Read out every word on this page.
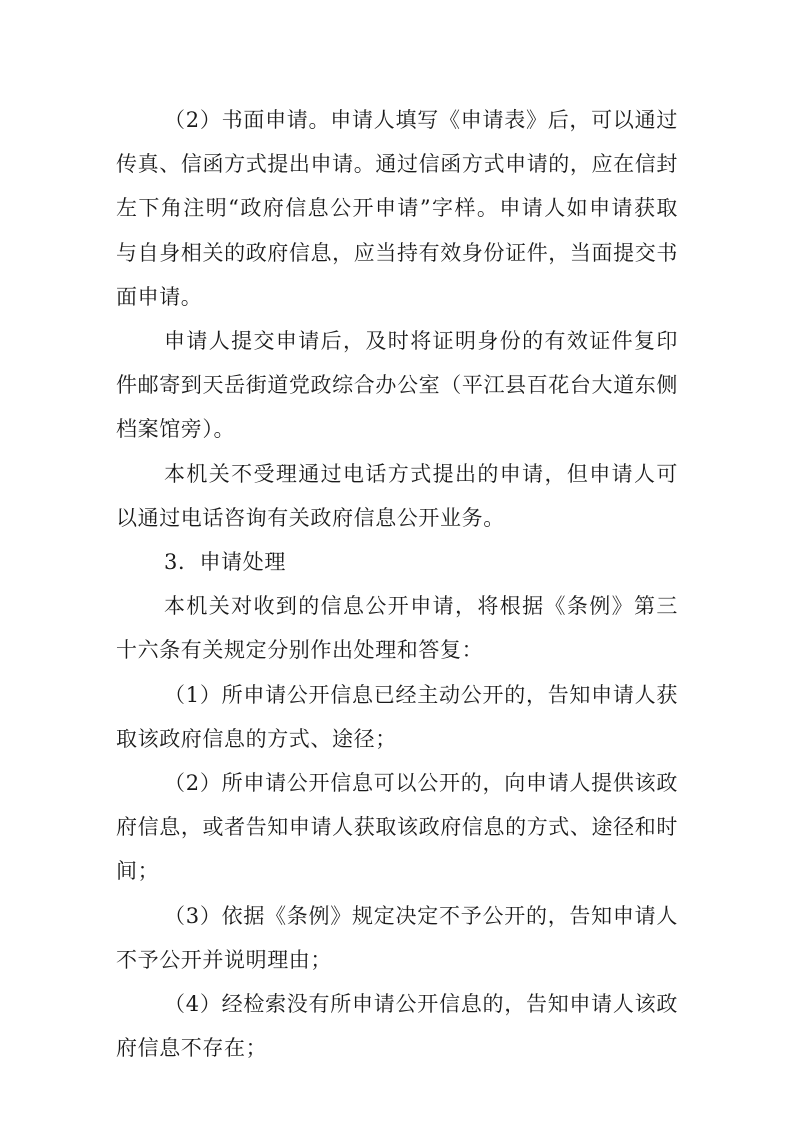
（2）书面申请。申请人填写《申请表》后，可以通过传真、信函方式提出申请。通过信函方式申请的，应在信封左下角注明“政府信息公开申请”字样。申请人如申请获取与自身相关的政府信息，应当持有效身份证件，当面提交书面申请。

申请人提交申请后，及时将证明身份的有效证件复印件邮寄到天岳街道党政综合办公室（平江县百花台大道东侧档案馆旁）。

本机关不受理通过电话方式提出的申请，但申请人可以通过电话咨询有关政府信息公开业务。

3．申请处理

本机关对收到的信息公开申请，将根据《条例》第三十六条有关规定分别作出处理和答复：

（1）所申请公开信息已经主动公开的，告知申请人获取该政府信息的方式、途径；

（2）所申请公开信息可以公开的，向申请人提供该政府信息，或者告知申请人获取该政府信息的方式、途径和时间；

（3）依据《条例》规定决定不予公开的，告知申请人不予公开并说明理由；

（4）经检索没有所申请公开信息的，告知申请人该政府信息不存在；
